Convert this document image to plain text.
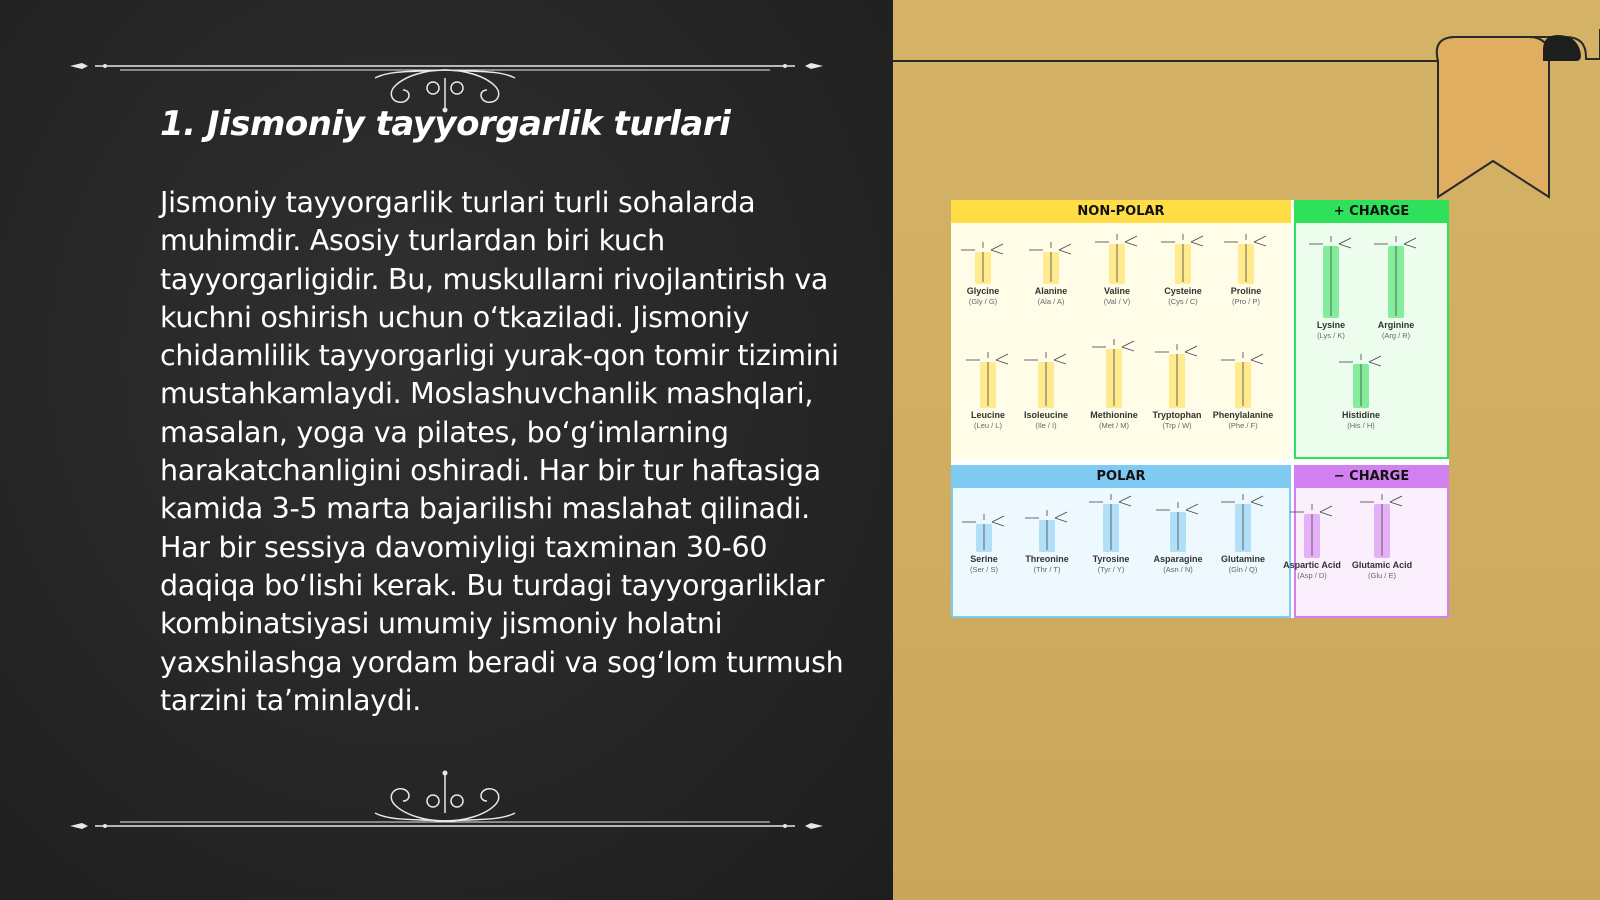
1. Jismoniy tayyorgarlik turlari

Jismoniy tayyorgarlik turlari turli sohalarda muhimdir. Asosiy turlardan biri kuch tayyorgarligidir. Bu, muskullarni rivojlantirish va kuchni oshirish uchun oʻtkaziladi. Jismoniy chidamlilik tayyorgarligi yurak-qon tomir tizimini mustahkamlaydi. Moslashuvchanlik mashqlari, masalan, yoga va pilates, boʻgʻimlarning harakatchanligini oshiradi. Har bir tur haftasiga kamida 3-5 marta bajarilishi maslahat qilinadi. Har bir sessiya davomiyligi taxminan 30-60 daqiqa boʻlishi kerak. Bu turdagi tayyorgarliklar kombinatsiyasi umumiy jismoniy holatni yaxshilashga yordam beradi va sogʻlom turmush tarzini taʼminlaydi.

NON-POLAR	+ CHARGE
POLAR	− CHARGE
Glycine
(Gly / G)
Alanine
(Ala / A)
Valine
(Val / V)
Cysteine
(Cys / C)
Proline
(Pro / P)
Leucine
(Leu / L)
Isoleucine
(Ile / I)
Methionine
(Met / M)
Tryptophan
(Trp / W)
Phenylalanine
(Phe / F)
Lysine
(Lys / K)
Arginine
(Arg / R)
Histidine
(His / H)
Serine
(Ser / S)
Threonine
(Thr / T)
Tyrosine
(Tyr / Y)
Asparagine
(Asn / N)
Glutamine
(Gln / Q)	Aspartic Acid
(Asp / D)
Glutamic Acid
(Glu / E)
